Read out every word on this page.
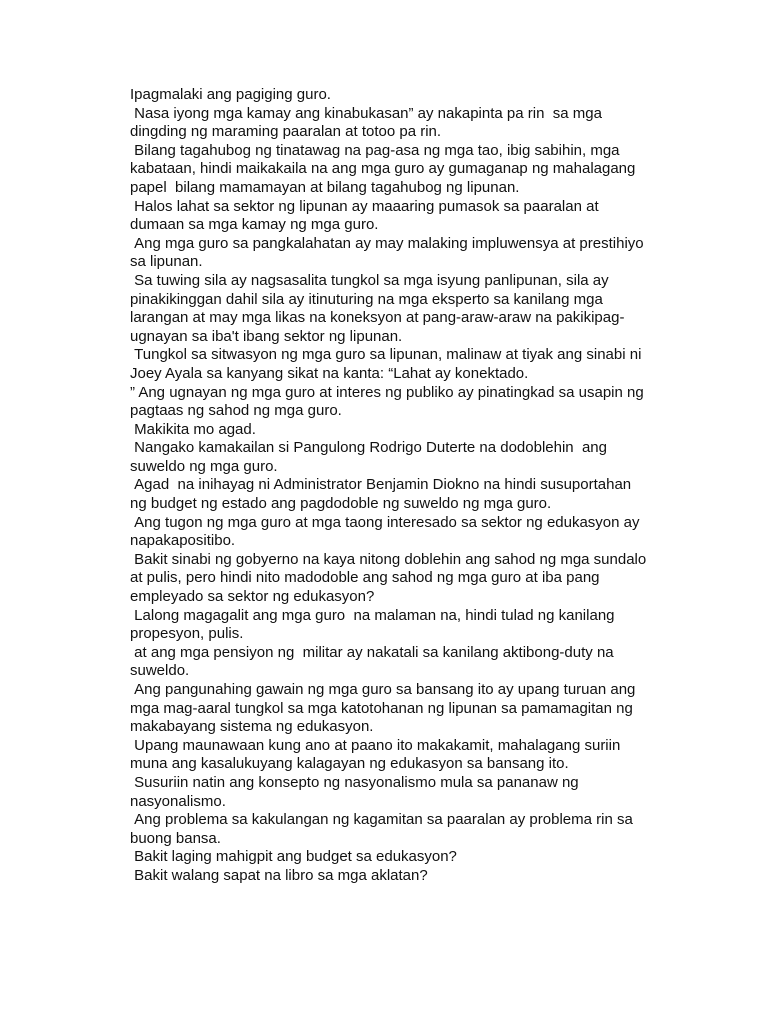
Ipagmalaki ang pagiging guro.

Nasa iyong mga kamay ang kinabukasan” ay nakapinta pa rin  sa mga dingding ng maraming paaralan at totoo pa rin.

Bilang tagahubog ng tinatawag na pag-asa ng mga tao, ibig sabihin, mga kabataan, hindi maikakaila na ang mga guro ay gumaganap ng mahalagang papel  bilang mamamayan at bilang tagahubog ng lipunan.

Halos lahat sa sektor ng lipunan ay maaaring pumasok sa paaralan at dumaan sa mga kamay ng mga guro.

Ang mga guro sa pangkalahatan ay may malaking impluwensya at prestihiyo sa lipunan.

Sa tuwing sila ay nagsasalita tungkol sa mga isyung panlipunan, sila ay pinakikinggan dahil sila ay itinuturing na mga eksperto sa kanilang mga larangan at may mga likas na koneksyon at pang-araw-araw na pakikipag-ugnayan sa iba't ibang sektor ng lipunan.

Tungkol sa sitwasyon ng mga guro sa lipunan, malinaw at tiyak ang sinabi ni Joey Ayala sa kanyang sikat na kanta: “Lahat ay konektado.

” Ang ugnayan ng mga guro at interes ng publiko ay pinatingkad sa usapin ng pagtaas ng sahod ng mga guro.

Makikita mo agad.

Nangako kamakailan si Pangulong Rodrigo Duterte na dodoblehin  ang suweldo ng mga guro.

Agad  na inihayag ni Administrator Benjamin Diokno na hindi susuportahan ng budget ng estado ang pagdodoble ng suweldo ng mga guro.

Ang tugon ng mga guro at mga taong interesado sa sektor ng edukasyon ay napakapositibo.

Bakit sinabi ng gobyerno na kaya nitong doblehin ang sahod ng mga sundalo at pulis, pero hindi nito madodoble ang sahod ng mga guro at iba pang empleyado sa sektor ng edukasyon?

Lalong magagalit ang mga guro  na malaman na, hindi tulad ng kanilang propesyon, pulis.

at ang mga pensiyon ng  militar ay nakatali sa kanilang aktibong-duty na suweldo.

Ang pangunahing gawain ng mga guro sa bansang ito ay upang turuan ang mga mag-aaral tungkol sa mga katotohanan ng lipunan sa pamamagitan ng  makabayang sistema ng edukasyon.

Upang maunawaan kung ano at paano ito makakamit, mahalagang suriin muna ang kasalukuyang kalagayan ng edukasyon sa bansang ito.

Susuriin natin ang konsepto ng nasyonalismo mula sa pananaw ng nasyonalismo.

Ang problema sa kakulangan ng kagamitan sa paaralan ay problema rin sa buong bansa.

Bakit laging mahigpit ang budget sa edukasyon?

Bakit walang sapat na libro sa mga aklatan?
